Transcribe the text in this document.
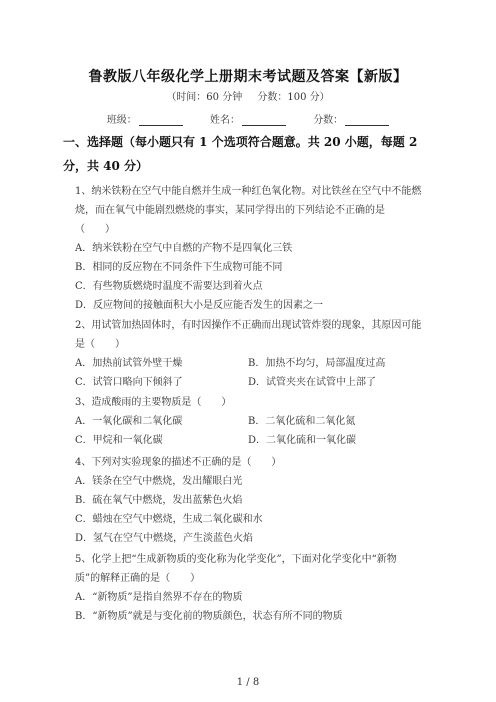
鲁教版八年级化学上册期末考试题及答案【新版】
（时间：60 分钟 分数：100 分）
班级：	姓名：	分数：
一、选择题（每小题只有 1 个选项符合题意。共 20 小题，每题 2
分，共 40 分）
1、纳米铁粉在空气中能自燃并生成一种红色氧化物。对比铁丝在空气中不能燃
烧，而在氧气中能剧烈燃烧的事实，某同学得出的下列结论不正确的是
（　　）
A．纳米铁粉在空气中自燃的产物不是四氧化三铁
B．相同的反应物在不同条件下生成物可能不同
C．有些物质燃烧时温度不需要达到着火点
D．反应物间的接触面积大小是反应能否发生的因素之一
2、用试管加热固体时，有时因操作不正确而出现试管炸裂的现象，其原因可能
是（　　）
A．加热前试管外壁干燥	B．加热不均匀，局部温度过高
C．试管口略向下倾斜了	D．试管夹夹在试管中上部了
3、造成酸雨的主要物质是（　　）
A．一氧化碳和二氧化碳	B．二氧化硫和二氧化氮
C．甲烷和一氧化碳	D．二氧化硫和一氧化碳
4、下列对实验现象的描述不正确的是（　　）
A．镁条在空气中燃烧，发出耀眼白光
B．硫在氧气中燃烧，发出蓝紫色火焰
C．蜡烛在空气中燃烧，生成二氧化碳和水
D．氢气在空气中燃烧，产生淡蓝色火焰
5、化学上把“生成新物质的变化称为化学变化”，下面对化学变化中“新物
质”的解释正确的是（　　）
A．“新物质”是指自然界不存在的物质
B．“新物质”就是与变化前的物质颜色，状态有所不同的物质
1 / 8
